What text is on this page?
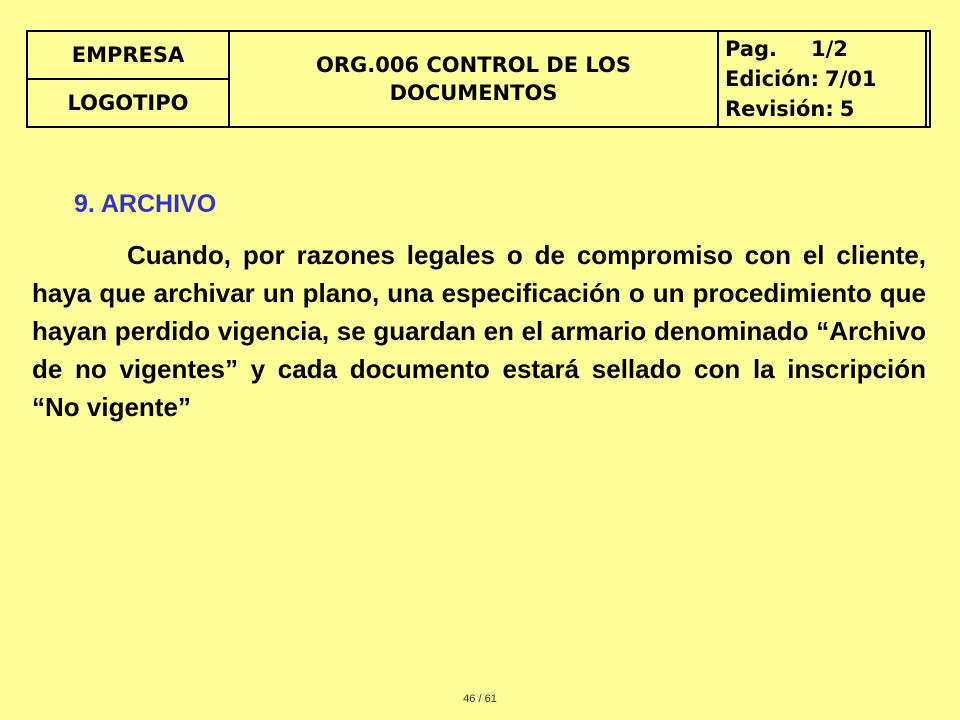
EMPRESA
LOGOTIPO
ORG.006 CONTROL DE LOS
DOCUMENTOS
Pag. 1/2
Edición: 7/01
Revisión: 5
9. ARCHIVO

Cuando, por razones legales o de compromiso con el cliente, haya que archivar un plano, una especificación o un procedimiento que hayan perdido vigencia, se guardan en el armario denominado “Archivo de no vigentes” y cada documento estará sellado con la inscripción “No vigente”

46 / 61
